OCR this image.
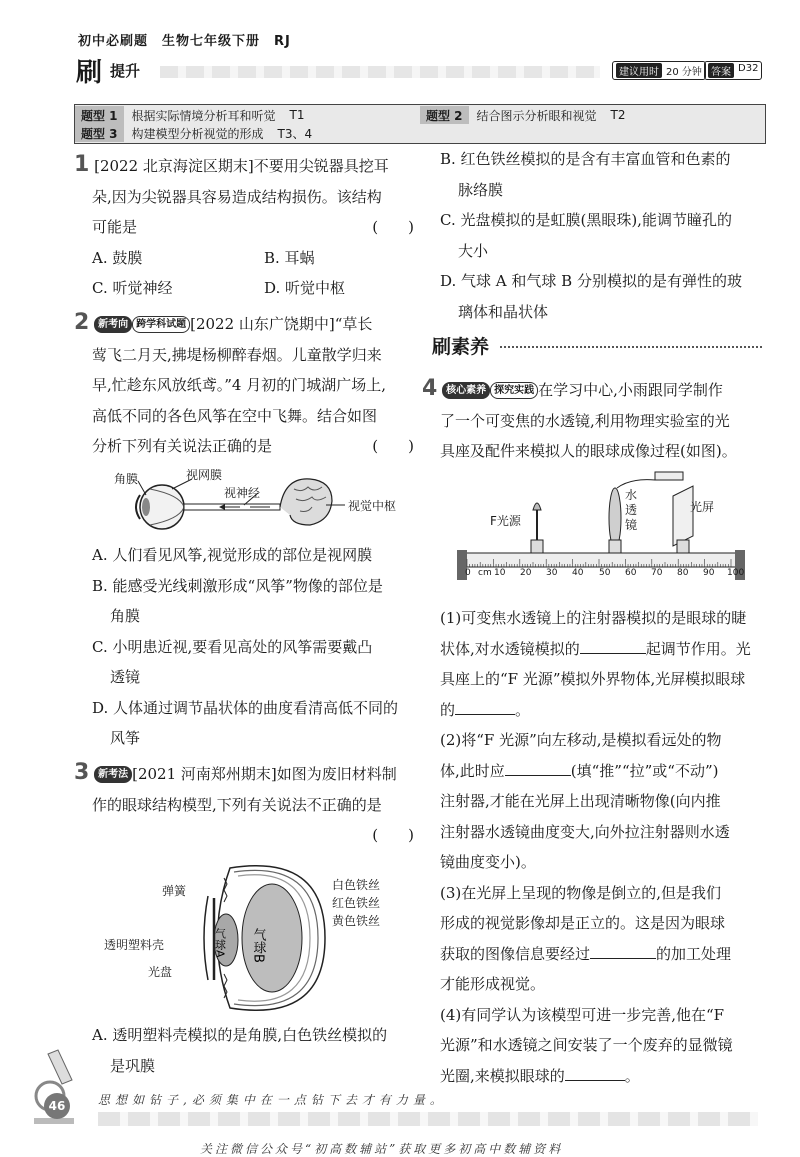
初中必刷题　生物七年级下册　RJ
刷 提升	建议用时 20 分钟 答案 D32
题型 1	根据实际情境分析耳和听觉	T1	题型 2	结合图示分析眼和视觉	T2
题型 3	构建模型分析视觉的形成	T3、4
1 [2022 北京海淀区期末]不要用尖锐器具挖耳
朵,因为尖锐器具容易造成结构损伤。该结构
可能是	(　　)
A. 鼓膜	B. 耳蜗
C. 听觉神经	D. 听觉中枢
2 新考向 跨学科试题 [2022 山东广饶期中]“草长
莺飞二月天,拂堤杨柳醉春烟。儿童散学归来
早,忙趁东风放纸鸢。”4 月初的门城湖广场上,
高低不同的各色风筝在空中飞舞。结合如图
分析下列有关说法正确的是	(　　)
角膜	视网膜
视神经
视觉中枢
A. 人们看见风筝,视觉形成的部位是视网膜
B. 能感受光线刺激形成“风筝”物像的部位是
角膜
C. 小明患近视,要看见高处的风筝需要戴凸
透镜
D. 人体通过调节晶状体的曲度看清高低不同的
风筝
3 新考法 [2021 河南郑州期末]如图为废旧材料制
作的眼球结构模型,下列有关说法不正确的是
(　　)
气球B
气球A
弹簧
透明塑料壳
光盘
白色铁丝
红色铁丝
黄色铁丝
A. 透明塑料壳模拟的是角膜,白色铁丝模拟的
是巩膜
B. 红色铁丝模拟的是含有丰富血管和色素的
脉络膜
C. 光盘模拟的是虹膜(黑眼珠),能调节瞳孔的
大小
D. 气球 A 和气球 B 分别模拟的是有弹性的玻
璃体和晶状体
刷素养
4 核心素养 探究实践 在学习中心,小雨跟同学制作
了一个可变焦的水透镜,利用物理实验室的光
具座及配件来模拟人的眼球成像过程(如图)。
F光源
水透镜
光屏
cm
0	10 20 30 40 50 60 70 80 90 100
(1)可变焦水透镜上的注射器模拟的是眼球的睫
状体,对水透镜模拟的	起调节作用。光
具座上的“F 光源”模拟外界物体,光屏模拟眼球
的	。
(2)将“F 光源”向左移动,是模拟看远处的物
体,此时应	(填“推”“拉”或“不动”)
注射器,才能在光屏上出现清晰物像(向内推
注射器水透镜曲度变大,向外拉注射器则水透
镜曲度变小)。
(3)在光屏上呈现的物像是倒立的,但是我们
形成的视觉影像却是正立的。这是因为眼球
获取的图像信息要经过	的加工处理
才能形成视觉。
(4)有同学认为该模型可进一步完善,他在“F
光源”和水透镜之间安装了一个废弃的显微镜
光圈,来模拟眼球的	。
46	思想如钻子,必须集中在一点钻下去才有力量。
关注微信公众号“初高数辅站”获取更多初高中数辅资料
